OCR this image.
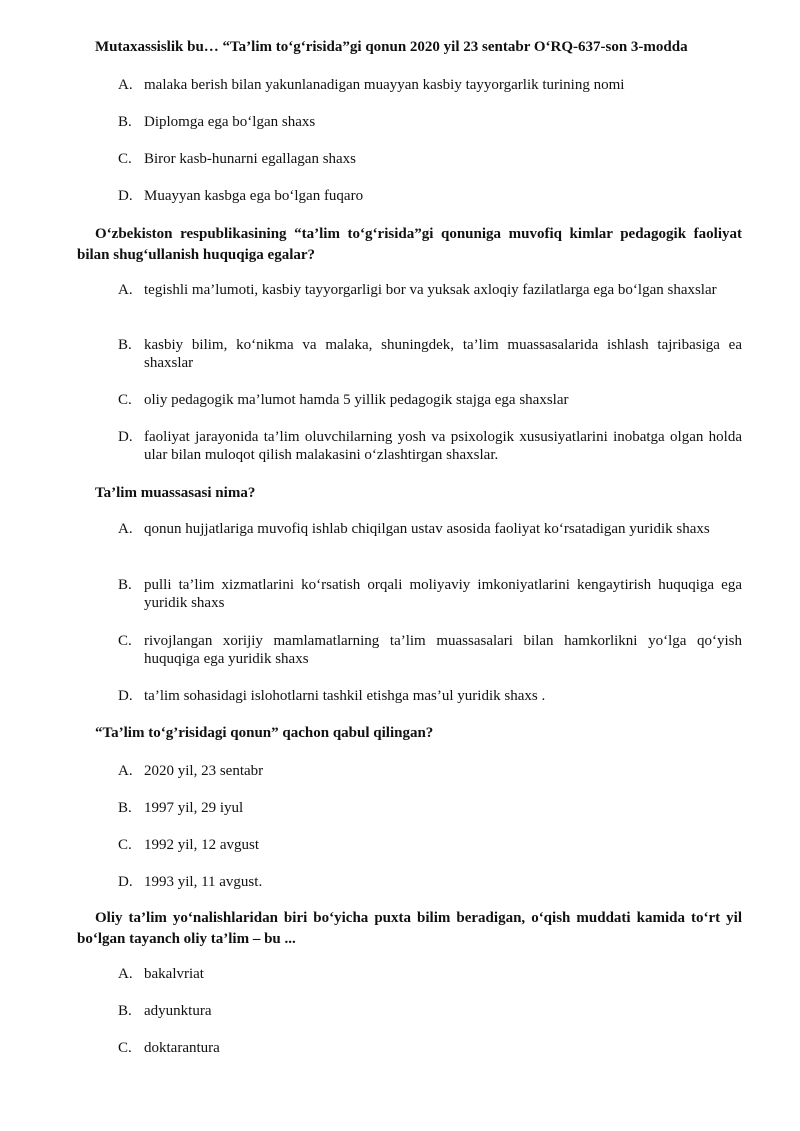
Mutaxassislik bu… “Ta’lim to‘g‘risida”gi qonun 2020 yil 23 sentabr O‘RQ-637-son 3-modda
A. malaka berish bilan yakunlanadigan muayyan kasbiy tayyorgarlik turining nomi
B. Diplomga ega bo‘lgan shaxs
C. Biror kasb-hunarni egallagan shaxs
D. Muayyan kasbga ega bo‘lgan fuqaro
O‘zbekiston respublikasining “ta’lim to‘g‘risida”gi qonuniga muvofiq kimlar pedagogik faoliyat bilan shug‘ullanish huquqiga egalar?
A. tegishli ma’lumoti, kasbiy tayyorgarligi bor va yuksak axloqiy fazilatlarga ega bo‘lgan shaxslar
B. kasbiy bilim, ko‘nikma va malaka, shuningdek, ta’lim muassasalarida ishlash tajribasiga ea shaxslar
C. oliy pedagogik ma’lumot hamda 5 yillik pedagogik stajga ega shaxslar
D. faoliyat jarayonida ta’lim oluvchilarning yosh va psixologik xususiyatlarini inobatga olgan holda ular bilan muloqot qilish malakasini o‘zlashtirgan shaxslar.
Ta’lim muassasasi nima?
A. qonun hujjatlariga muvofiq ishlab chiqilgan ustav asosida faoliyat ko‘rsatadigan yuridik shaxs
B. pulli ta’lim xizmatlarini ko‘rsatish orqali moliyaviy imkoniyatlarini kengaytirish huquqiga ega yuridik shaxs
C. rivojlangan xorijiy mamlamatlarning ta’lim muassasalari bilan hamkorlikni yo‘lga qo‘yish huquqiga ega yuridik shaxs
D. ta’lim sohasidagi islohotlarni tashkil etishga mas’ul yuridik shaxs .
“Ta’lim to‘g’risidagi qonun” qachon qabul qilingan?
A. 2020 yil, 23 sentabr
B. 1997 yil, 29 iyul
C. 1992 yil, 12 avgust
D. 1993 yil, 11 avgust.
Oliy ta’lim yo‘nalishlaridan biri bo‘yicha puxta bilim beradigan, o‘qish muddati kamida to‘rt yil bo‘lgan tayanch oliy ta’lim – bu ...
A. bakalvriat
B. adyunktura
C. doktarantura
